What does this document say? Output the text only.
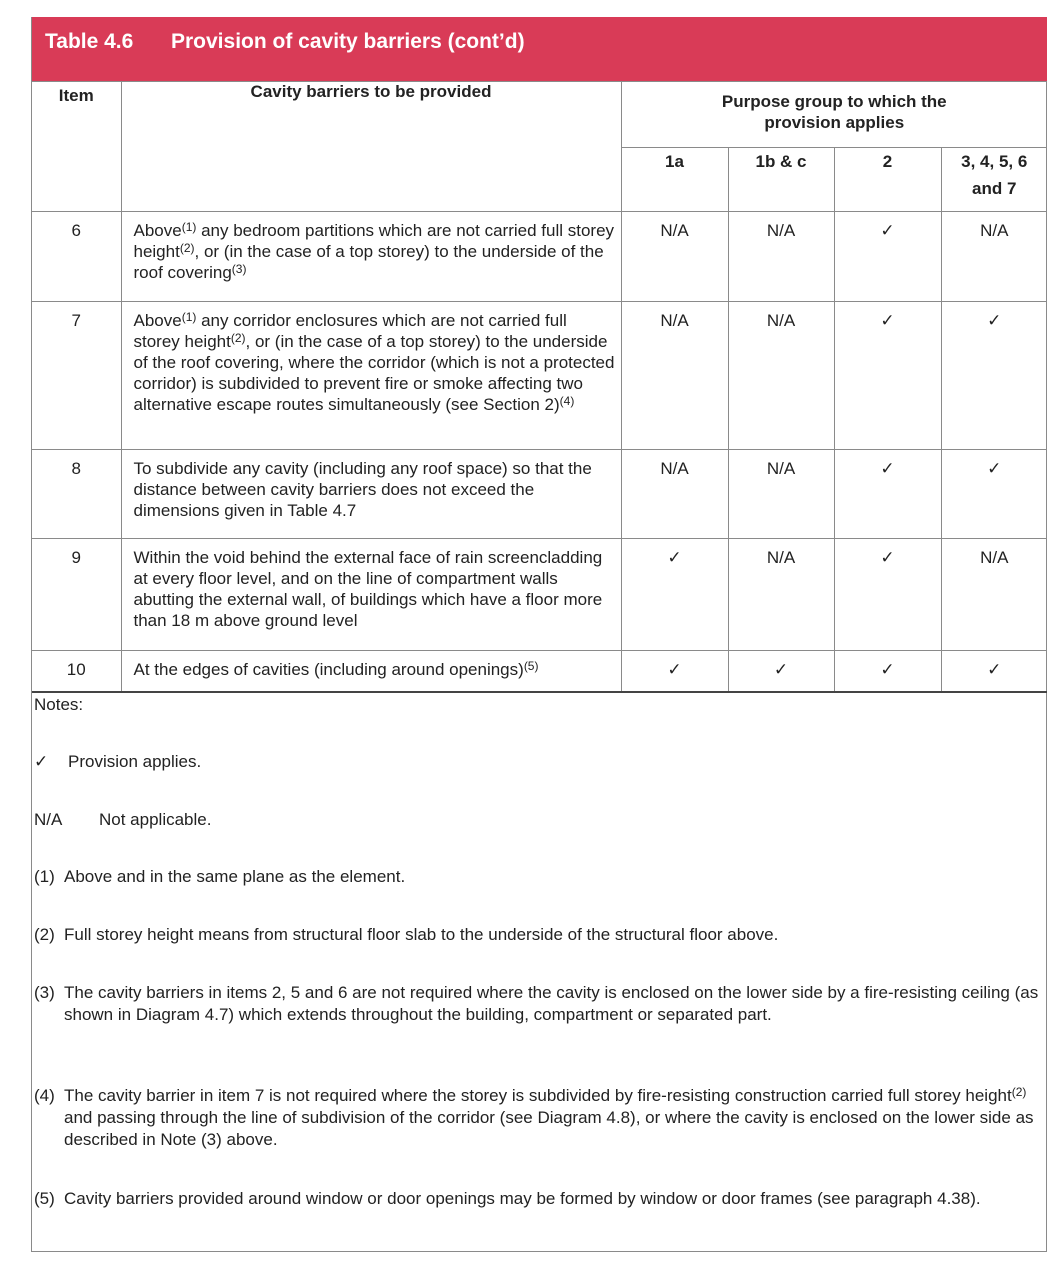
Table 4.6 Provision of cavity barriers (cont’d)
Item	Cavity barriers to be provided	Purpose group to which the provision applies			

		1a	1b & c	2	3, 4, 5, 6 and 7

6	Above$^{(1)}$ any bedroom partitions which are not carried full storey height$^{(2)}$, or (in the case of a top storey) to the underside of the roof covering$^{(3)}$	N/A	N/A	✓	N/A
7	Above$^{(1)}$ any corridor enclosures which are not carried full storey height$^{(2)}$, or (in the case of a top storey) to the underside of the roof covering, where the corridor (which is not a protected corridor) is subdivided to prevent fire or smoke affecting two alternative escape routes simultaneously (see Section 2)$^{(4)}$	N/A	N/A	✓	✓
8	To subdivide any cavity (including any roof space) so that the distance between cavity barriers does not exceed the dimensions given in Table 4.7	N/A	N/A	✓	✓
9	Within the void behind the external face of rain screencladding at every floor level, and on the line of compartment walls abutting the external wall, of buildings which have a floor more than 18 m above ground level	✓	N/A	✓	N/A
10	At the edges of cavities (including around openings)$^{(5)}$	✓	✓	✓	✓
Notes:
✓ Provision applies.
N/A Not applicable.
(1) Above and in the same plane as the element.
(2) Full storey height means from structural floor slab to the underside of the structural floor above.
(3) The cavity barriers in items 2, 5 and 6 are not required where the cavity is enclosed on the lower side by a fire-resisting ceiling (as shown in Diagram 4.7) which extends throughout the building, compartment or separated part.
(4) The cavity barrier in item 7 is not required where the storey is subdivided by fire-resisting construction carried full storey height$^{(2)}$ and passing through the line of subdivision of the corridor (see Diagram 4.8), or where the cavity is enclosed on the lower side as described in Note (3) above.
(5) Cavity barriers provided around window or door openings may be formed by window or door frames (see paragraph 4.38).
